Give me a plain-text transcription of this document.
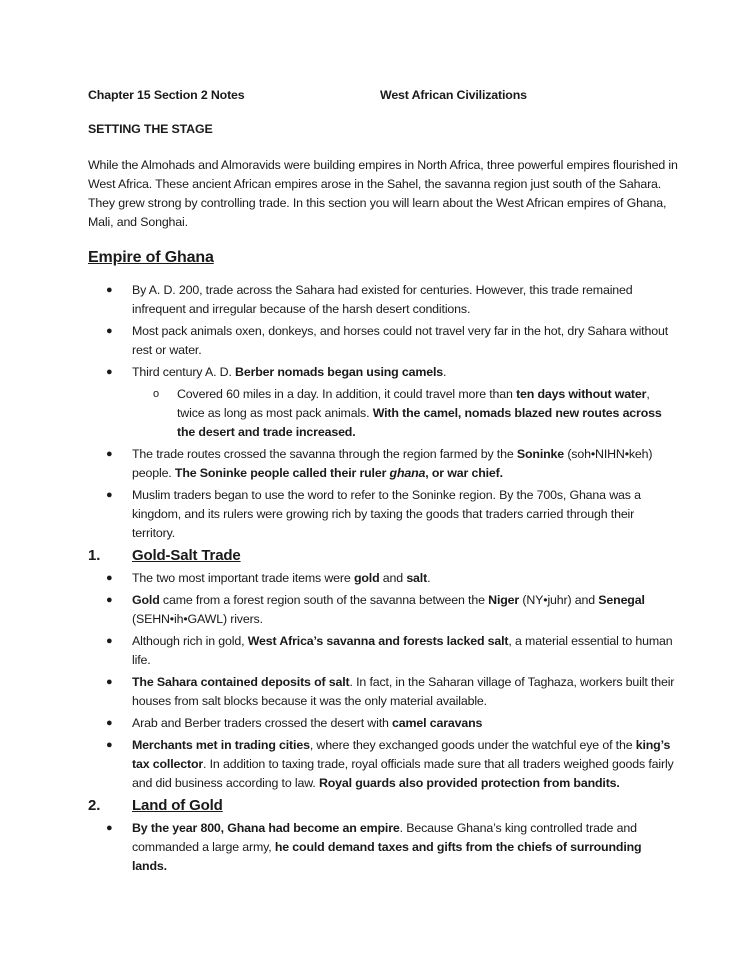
Chapter 15 Section 2 Notes	West African Civilizations
SETTING THE STAGE
While the Almohads and Almoravids were building empires in North Africa, three powerful empires flourished in West Africa. These ancient African empires arose in the Sahel, the savanna region just south of the Sahara. They grew strong by controlling trade. In this section you will learn about the West African empires of Ghana, Mali, and Songhai.
Empire of Ghana
● By A. D. 200, trade across the Sahara had existed for centuries. However, this trade remained infrequent and irregular because of the harsh desert conditions.
● Most pack animals oxen, donkeys, and horses could not travel very far in the hot, dry Sahara without rest or water.
● Third century A. D. Berber nomads began using camels.
o Covered 60 miles in a day. In addition, it could travel more than ten days without water, twice as long as most pack animals. With the camel, nomads blazed new routes across the desert and trade increased.
● The trade routes crossed the savanna through the region farmed by the Soninke (soh•NIHN•keh) people. The Soninke people called their ruler ghana, or war chief.
● Muslim traders began to use the word to refer to the Soninke region. By the 700s, Ghana was a kingdom, and its rulers were growing rich by taxing the goods that traders carried through their territory.
1.	Gold-Salt Trade
● The two most important trade items were gold and salt.
● Gold came from a forest region south of the savanna between the Niger (NY•juhr) and Senegal (SEHN•ih•GAWL) rivers.
● Although rich in gold, West Africa’s savanna and forests lacked salt, a material essential to human life.
● The Sahara contained deposits of salt. In fact, in the Saharan village of Taghaza, workers built their houses from salt blocks because it was the only material available.
● Arab and Berber traders crossed the desert with camel caravans
● Merchants met in trading cities, where they exchanged goods under the watchful eye of the king’s tax collector. In addition to taxing trade, royal officials made sure that all traders weighed goods fairly and did business according to law. Royal guards also provided protection from bandits.
2.	Land of Gold
● By the year 800, Ghana had become an empire. Because Ghana’s king controlled trade and commanded a large army, he could demand taxes and gifts from the chiefs of surrounding lands.
